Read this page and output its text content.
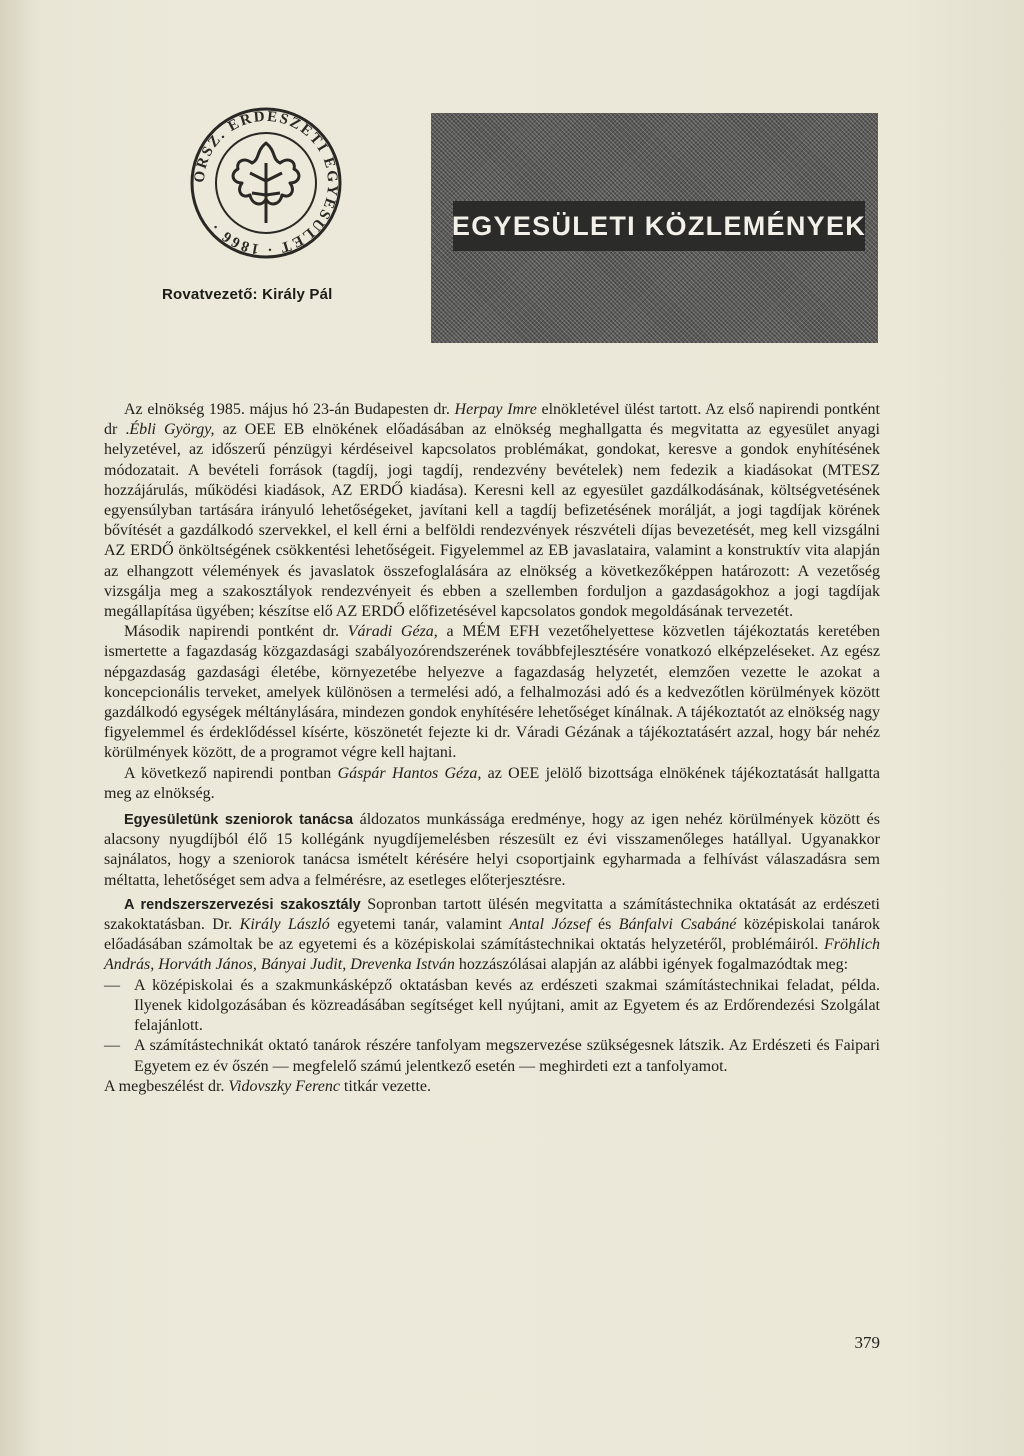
ORSZ. ERDÉSZETI EGYESÜLET · 1866 ·
Rovatvezető: Király Pál
EGYESÜLETI KÖZLEMÉNYEK

Az elnökség 1985. május hó 23-án Budapesten dr. Herpay Imre elnökletével ülést tartott. Az első napirendi pontként dr .Ébli György, az OEE EB elnökének előadásában az elnökség meghallgatta és megvitatta az egyesület anyagi helyzetével, az időszerű pénzügyi kérdéseivel kapcsolatos problémákat, gondokat, keresve a gondok enyhítésének módozatait. A bevételi források (tagdíj, jogi tagdíj, rendezvény bevételek) nem fedezik a kiadásokat (MTESZ hozzájárulás, működési kiadások, AZ ERDŐ kiadása). Keresni kell az egyesület gazdálkodásának, költségvetésének egyensúlyban tartására irányuló lehetőségeket, javítani kell a tagdíj befizetésének morálját, a jogi tagdíjak körének bővítését a gazdálkodó szervekkel, el kell érni a belföldi rendezvények részvételi díjas bevezetését, meg kell vizsgálni AZ ERDŐ önköltségének csökkentési lehetőségeit. Figyelemmel az EB javaslataira, valamint a konstruktív vita alapján az elhangzott vélemények és javaslatok összefoglalására az elnökség a következőképpen határozott: A vezetőség vizsgálja meg a szakosztályok rendezvényeit és ebben a szellemben forduljon a gazdaságokhoz a jogi tagdíjak megállapítása ügyében; készítse elő AZ ERDŐ előfizetésével kapcsolatos gondok megoldásának tervezetét.

Második napirendi pontként dr. Váradi Géza, a MÉM EFH vezetőhelyettese közvetlen tájékoztatás keretében ismertette a fagazdaság közgazdasági szabályozórendszerének továbbfejlesztésére vonatkozó elképzeléseket. Az egész népgazdaság gazdasági életébe, környezetébe helyezve a fagazdaság helyzetét, elemzően vezette le azokat a koncepcionális terveket, amelyek különösen a termelési adó, a felhalmozási adó és a kedvezőtlen körülmények között gazdálkodó egységek méltánylására, mindezen gondok enyhítésére lehetőséget kínálnak. A tájékoztatót az elnökség nagy figyelemmel és érdeklődéssel kísérte, köszönetét fejezte ki dr. Váradi Gézának a tájékoztatásért azzal, hogy bár nehéz körülmények között, de a programot végre kell hajtani.

A következő napirendi pontban Gáspár Hantos Géza, az OEE jelölő bizottsága elnökének tájékoztatását hallgatta meg az elnökség.

Egyesületünk szeniorok tanácsa áldozatos munkássága eredménye, hogy az igen nehéz körülmények között és alacsony nyugdíjból élő 15 kollégánk nyugdíjemelésben részesült ez évi visszamenőleges hatállyal. Ugyanakkor sajnálatos, hogy a szeniorok tanácsa ismételt kérésére helyi csoportjaink egyharmada a felhívást válaszadásra sem méltatta, lehetőséget sem adva a felmérésre, az esetleges előterjesztésre.

A rendszerszervezési szakosztály Sopronban tartott ülésén megvitatta a számítástechnika oktatását az erdészeti szakoktatásban. Dr. Király László egyetemi tanár, valamint Antal József és Bánfalvi Csabáné középiskolai tanárok előadásában számoltak be az egyetemi és a középiskolai számítástechnikai oktatás helyzetéről, problémáiról. Fröhlich András, Horváth János, Bányai Judit, Drevenka István hozzászólásai alapján az alábbi igények fogalmazódtak meg:

— A középiskolai és a szakmunkásképző oktatásban kevés az erdészeti szakmai számítástechnikai feladat, példa. Ilyenek kidolgozásában és közreadásában segítséget kell nyújtani, amit az Egyetem és az Erdőrendezési Szolgálat felajánlott.

— A számítástechnikát oktató tanárok részére tanfolyam megszervezése szükségesnek látszik. Az Erdészeti és Faipari Egyetem ez év őszén — megfelelő számú jelentkező esetén — meghirdeti ezt a tanfolyamot.

A megbeszélést dr. Vidovszky Ferenc titkár vezette.

379
